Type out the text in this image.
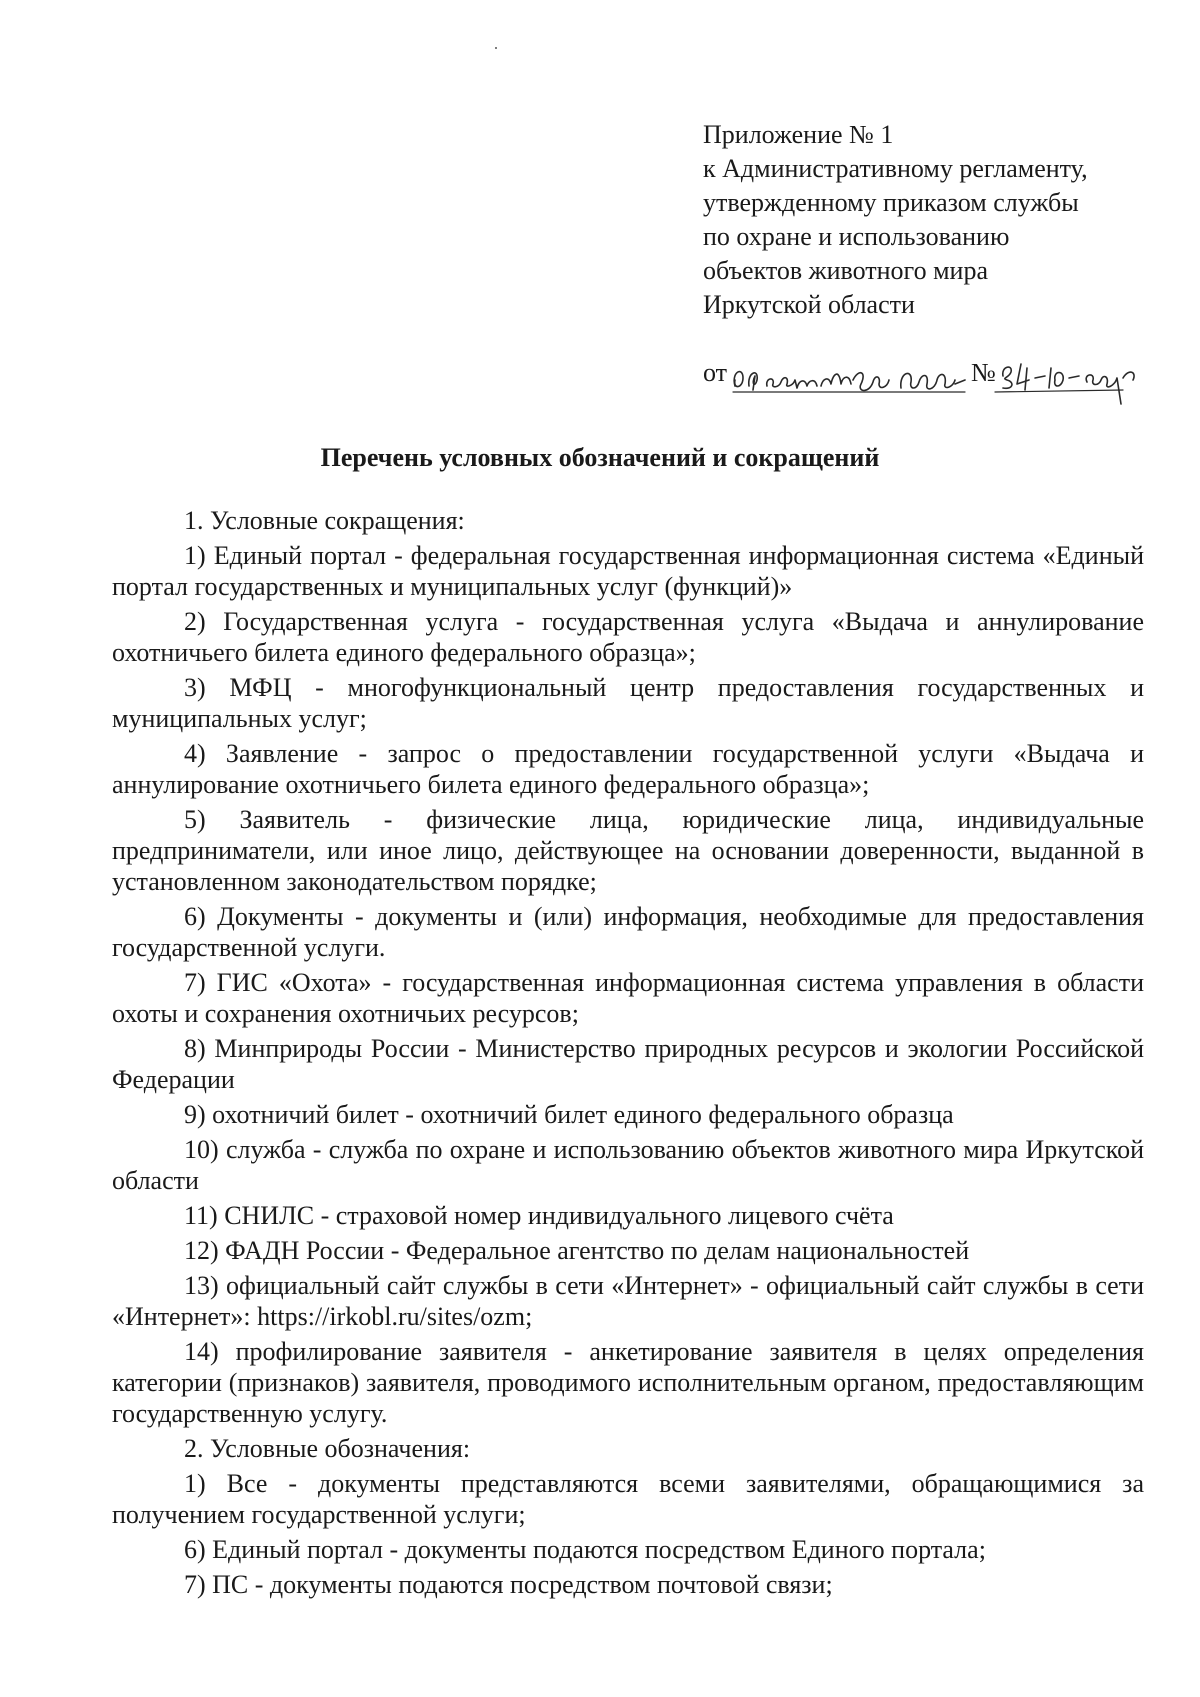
Приложение № 1
к Административному регламенту,
утвержденному приказом службы
по охране и использованию
объектов животного мира
Иркутской области
от	№
Перечень условных обозначений и сокращений

1. Условные сокращения:

1) Единый портал - федеральная государственная информационная система «Единый портал государственных и муниципальных услуг (функций)»

2) Государственная услуга - государственная услуга «Выдача и аннулирование охотничьего билета единого федерального образца»;

3) МФЦ - многофункциональный центр предоставления государственных и муниципальных услуг;

4) Заявление - запрос о предоставлении государственной услуги «Выдача и аннулирование охотничьего билета единого федерального образца»;

5) Заявитель - физические лица, юридические лица, индивидуальные предприниматели, или иное лицо, действующее на основании доверенности, выданной в установленном законодательством порядке;

6) Документы - документы и (или) информация, необходимые для предоставления государственной услуги.

7) ГИС «Охота» - государственная информационная система управления в области охоты и сохранения охотничьих ресурсов;

8) Минприроды России - Министерство природных ресурсов и экологии Российской Федерации

9) охотничий билет - охотничий билет единого федерального образца

10) служба - служба по охране и использованию объектов животного мира Иркутской области

11) СНИЛС - страховой номер индивидуального лицевого счёта

12) ФАДН России - Федеральное агентство по делам национальностей

13) официальный сайт службы в сети «Интернет» - официальный сайт службы в сети «Интернет»: https://irkobl.ru/sites/ozm;

14) профилирование заявителя - анкетирование заявителя в целях определения категории (признаков) заявителя, проводимого исполнительным органом, предоставляющим государственную услугу.

2. Условные обозначения:

1) Все - документы представляются всеми заявителями, обращающимися за получением государственной услуги;

6) Единый портал - документы подаются посредством Единого портала;

7) ПС - документы подаются посредством почтовой связи;
